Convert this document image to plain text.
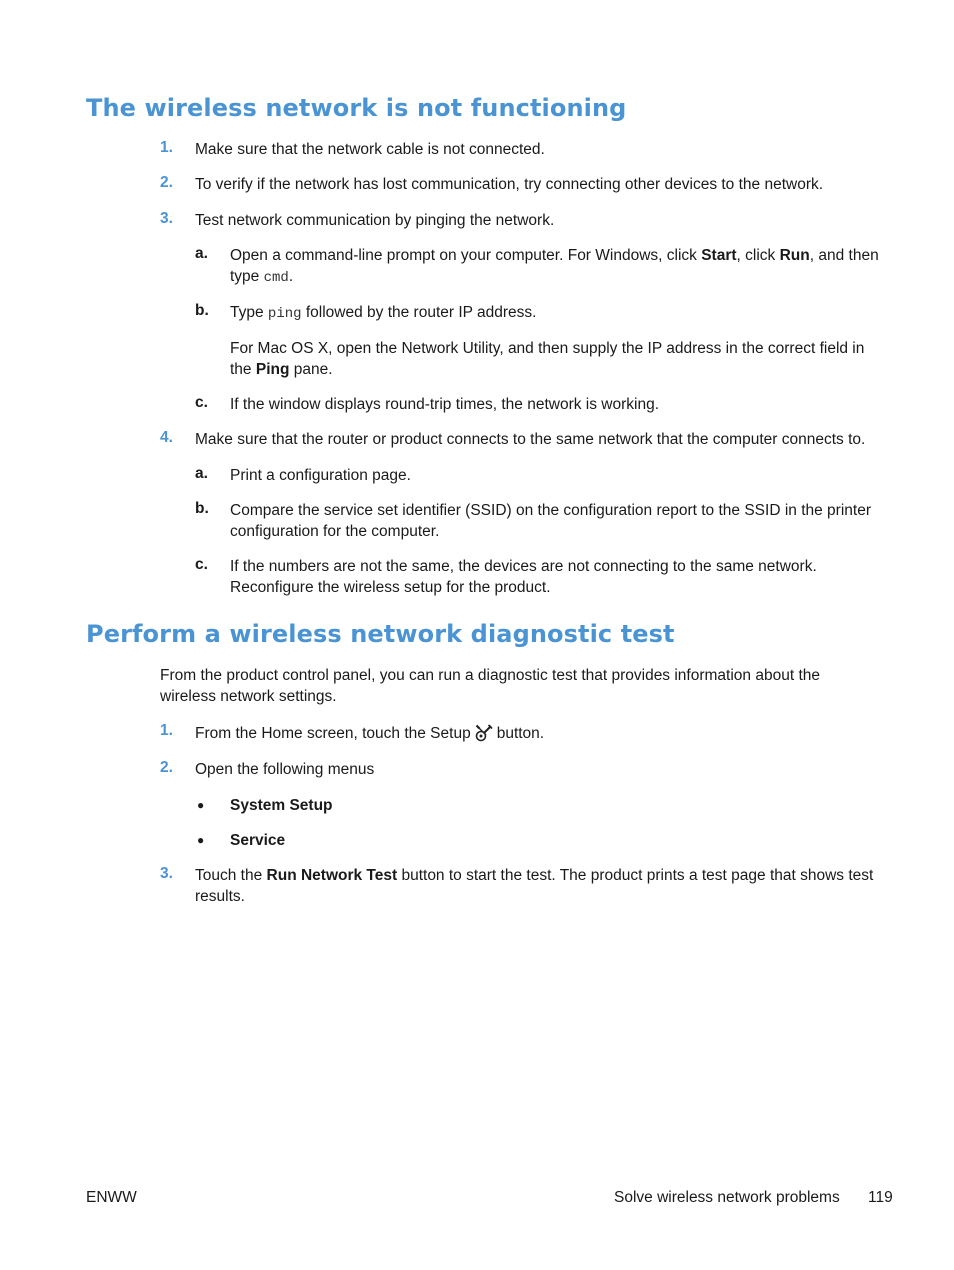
The wireless network is not functioning
1. Make sure that the network cable is not connected.
2. To verify if the network has lost communication, try connecting other devices to the network.
3. Test network communication by pinging the network.
a. Open a command-line prompt on your computer. For Windows, click Start, click Run, and then type cmd.
b. Type ping followed by the router IP address.
For Mac OS X, open the Network Utility, and then supply the IP address in the correct field in the Ping pane.
c. If the window displays round-trip times, the network is working.
4. Make sure that the router or product connects to the same network that the computer connects to.
a. Print a configuration page.
b. Compare the service set identifier (SSID) on the configuration report to the SSID in the printer configuration for the computer.
c. If the numbers are not the same, the devices are not connecting to the same network. Reconfigure the wireless setup for the product.
Perform a wireless network diagnostic test
From the product control panel, you can run a diagnostic test that provides information about the wireless network settings.
1. From the Home screen, touch the Setup button.
2. Open the following menus
● System Setup
● Service
3. Touch the Run Network Test button to start the test. The product prints a test page that shows test results.
ENWW	Solve wireless network problems 119
